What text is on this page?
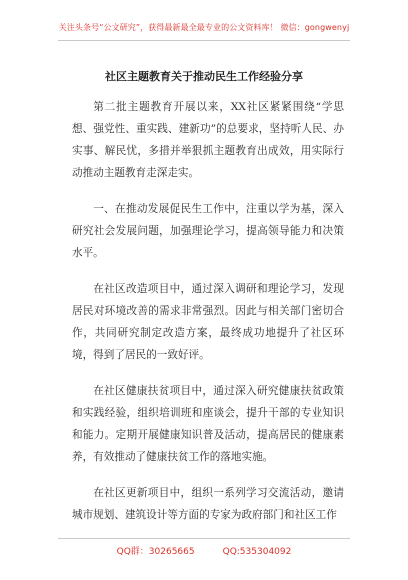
关注头条号“公文研究”，获得最新最全最专业的公文资料库！ 微信：gongwenyj
社区主题教育关于推动民生工作经验分享

第二批主题教育开展以来，XX社区紧紧围绕“学思想、强党性、重实践、建新功”的总要求，坚持听人民、办实事、解民忧，多措并举狠抓主题教育出成效，用实际行动推动主题教育走深走实。

一、在推动发展促民生工作中，注重以学为基，深入研究社会发展问题，加强理论学习，提高领导能力和决策水平。

在社区改造项目中，通过深入调研和理论学习，发现居民对环境改善的需求非常强烈。因此与相关部门密切合作，共同研究制定改造方案，最终成功地提升了社区环境，得到了居民的一致好评。

在社区健康扶贫项目中，通过深入研究健康扶贫政策和实践经验，组织培训班和座谈会，提升干部的专业知识和能力。定期开展健康知识普及活动，提高居民的健康素养，有效推动了健康扶贫工作的落地实施。

在社区更新项目中，组织一系列学习交流活动，邀请城市规划、建筑设计等方面的专家为政府部门和社区工作

QQ群：30265665	QQ:535304092
